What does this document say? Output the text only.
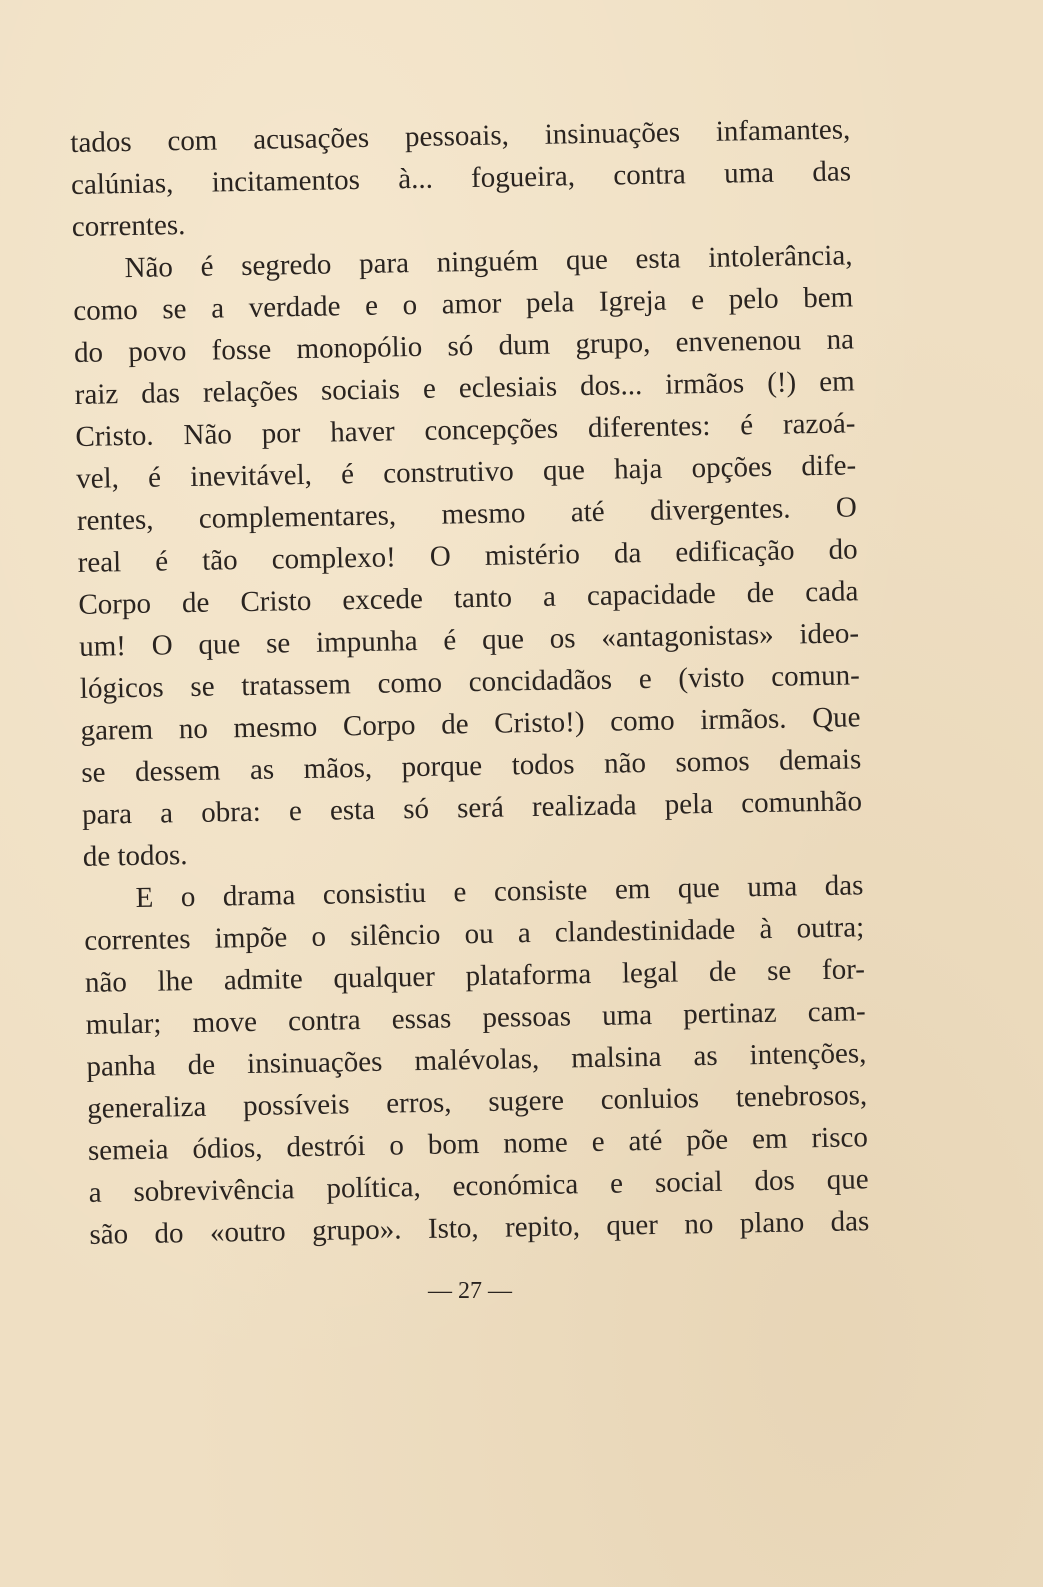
tados com acusações pessoais, insinuações infamantes,
calúnias, incitamentos à... fogueira, contra uma das
correntes.
Não é segredo para ninguém que esta intolerância,
como se a verdade e o amor pela Igreja e pelo bem
do povo fosse monopólio só dum grupo, envenenou na
raiz das relações sociais e eclesiais dos... irmãos (!) em
Cristo. Não por haver concepções diferentes: é razoá-
vel, é inevitável, é construtivo que haja opções dife-
rentes, complementares, mesmo até divergentes. O
real é tão complexo! O mistério da edificação do
Corpo de Cristo excede tanto a capacidade de cada
um! O que se impunha é que os «antagonistas» ideo-
lógicos se tratassem como concidadãos e (visto comun-
garem no mesmo Corpo de Cristo!) como irmãos. Que
se dessem as mãos, porque todos não somos demais
para a obra: e esta só será realizada pela comunhão
de todos.
E o drama consistiu e consiste em que uma das
correntes impõe o silêncio ou a clandestinidade à outra;
não lhe admite qualquer plataforma legal de se for-
mular; move contra essas pessoas uma pertinaz cam-
panha de insinuações malévolas, malsina as intenções,
generaliza possíveis erros, sugere conluios tenebrosos,
semeia ódios, destrói o bom nome e até põe em risco
a sobrevivência política, económica e social dos que
são do «outro grupo». Isto, repito, quer no plano das
— 27 —
